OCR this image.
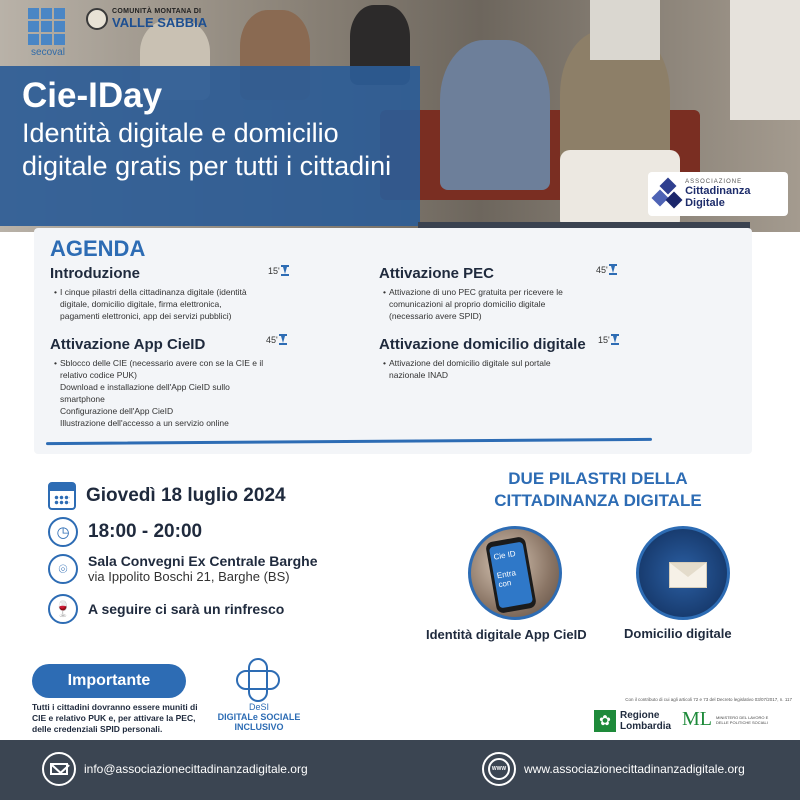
Cie-IDay
Identità digitale e domicilio digitale gratis per tutti i cittadini
secoval
COMUNITÀ MONTANA DI
VALLE SABBIA
ASSOCIAZIONE
Cittadinanza Digitale
AGENDA
Introduzione
• I cinque pilastri della cittadinanza digitale (identità
digitale, domicilio digitale, firma elettronica,
pagamenti elettronici, app dei servizi pubblici)
15'
Attivazione App CieID
• Sblocco delle CIE (necessario avere con se la CIE e il
relativo codice PUK)
Download e installazione dell'App CieID sullo
smartphone
Configurazione dell'App CieID
Illustrazione dell'accesso a un servizio online
45'
Attivazione PEC
• Attivazione di uno PEC gratuita per ricevere le
comunicazioni al proprio domicilio digitale
(necessario avere SPID)
45'
Attivazione domicilio digitale
• Attivazione del domicilio digitale sul portale
nazionale INAD
15'
Giovedì 18 luglio 2024
◷ 18:00 - 20:00
⌾	Sala Convegni Ex Centrale Barghe
via Ippolito Boschi 21, Barghe (BS)
🍷	A seguire ci sarà un rinfresco
DUE PILASTRI DELLA CITTADINANZA DIGITALE
Cie ID
Entra con
Identità digitale App CieID	Domicilio digitale
Importante
Tutti i cittadini dovranno essere muniti di CIE e relativo PUK e, per attivare la PEC, delle credenziali SPID personali.
DeSI
DIGITALe SOCIALE INCLUSIVO
Con il contributo di cui agli articoli 72 e 73 del Decreto legislativo 03/07/2017, n. 117
✿ Regione
Lombardia ML MINISTERO DEL LAVORO E DELLE POLITICHE SOCIALI
info@associazionecittadinanzadigitale.org	WWW	www.associazionecittadinanzadigitale.org
